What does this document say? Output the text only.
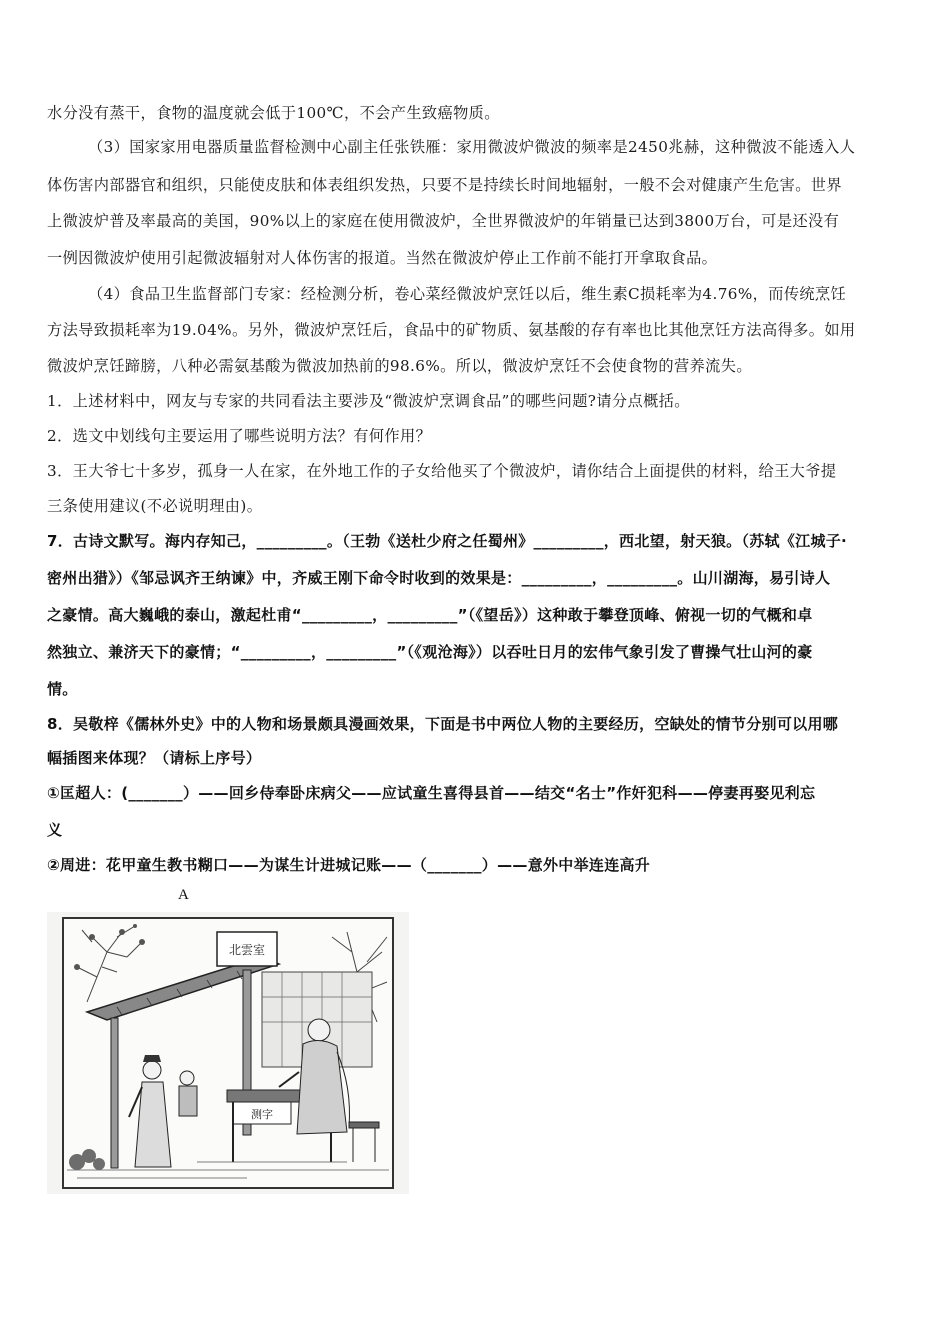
水分没有蒸干，食物的温度就会低于100℃，不会产生致癌物质。
（3）国家家用电器质量监督检测中心副主任张铁雁：家用微波炉微波的频率是2450兆赫，这种微波不能透入人
体伤害内部器官和组织，只能使皮肤和体表组织发热，只要不是持续长时间地辐射，一般不会对健康产生危害。世界
上微波炉普及率最高的美国，90%以上的家庭在使用微波炉，全世界微波炉的年销量已达到3800万台，可是还没有
一例因微波炉使用引起微波辐射对人体伤害的报道。当然在微波炉停止工作前不能打开拿取食品。
（4）食品卫生监督部门专家：经检测分析，卷心菜经微波炉烹饪以后，维生素C损耗率为4.76%，而传统烹饪
方法导致损耗率为19.04%。另外，微波炉烹饪后，食品中的矿物质、氨基酸的存有率也比其他烹饪方法高得多。如用
微波炉烹饪蹄膀，八种必需氨基酸为微波加热前的98.6%。所以，微波炉烹饪不会使食物的营养流失。
1．上述材料中，网友与专家的共同看法主要涉及“微波炉烹调食品”的哪些问题?请分点概括。
2．选文中划线句主要运用了哪些说明方法？有何作用？
3．王大爷七十多岁，孤身一人在家，在外地工作的子女给他买了个微波炉，请你结合上面提供的材料，给王大爷提
三条使用建议(不必说明理由)。
7．古诗文默写。海内存知己，_________。（王勃《送杜少府之任蜀州》_________，西北望，射天狼。（苏轼《江城子·
密州出猎》）《邹忌讽齐王纳谏》中，齐威王刚下命令时收到的效果是：_________，_________。山川湖海，易引诗人
之豪情。高大巍峨的泰山，激起杜甫“_________，_________”（《望岳》）这种敢于攀登顶峰、俯视一切的气概和卓
然独立、兼济天下的豪情；“_________，_________”（《观沧海》）以吞吐日月的宏伟气象引发了曹操气壮山河的豪
情。
8．吴敬梓《儒林外史》中的人物和场景颇具漫画效果，下面是书中两位人物的主要经历，空缺处的情节分别可以用哪
幅插图来体现？（请标上序号）
①匡超人：(_______）——回乡侍奉卧床病父——应试童生喜得县首——结交“名士”作奸犯科——停妻再娶见利忘
义
②周进：花甲童生教书糊口——为谋生计进城记账——（_______）——意外中举连连高升
A
北雲室
测字
